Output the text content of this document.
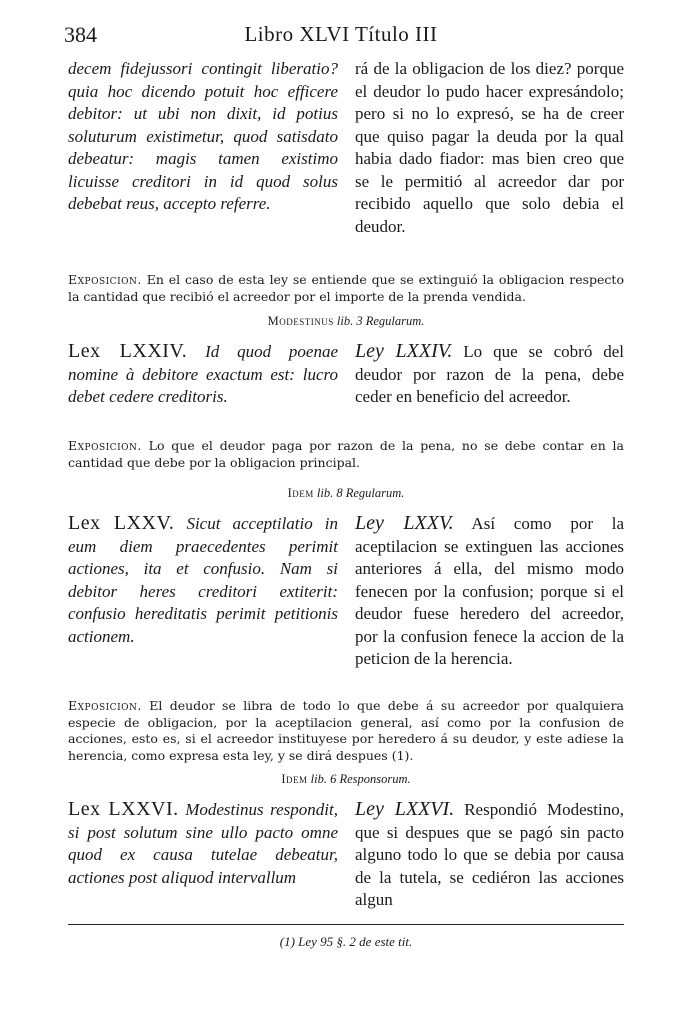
384	Libro XLVI Título III

decem fidejussori contingit liberatio? quia hoc dicendo potuit hoc efficere debitor: ut ubi non dixit, id potius soluturum existimetur, quod satisdato debeatur: magis tamen existimo licuisse creditori in id quod solus debebat reus, accepto referre.

rá de la obligacion de los diez? porque el deudor lo pudo hacer expresándolo; pero si no lo expresó, se ha de creer que quiso pagar la deuda por la qual habia dado fiador: mas bien creo que se le permitió al acreedor dar por recibido aquello que solo debia el deudor.

Exposicion. En el caso de esta ley se entiende que se extinguió la obligacion respecto la cantidad que recibió el acreedor por el importe de la prenda vendida.
Modestinus lib. 3 Regularum.

Lex LXXIV. Id quod poenae nomine à debitore exactum est: lucro debet cedere creditoris.

Ley LXXIV. Lo que se cobró del deudor por razon de la pena, debe ceder en beneficio del acreedor.

Exposicion. Lo que el deudor paga por razon de la pena, no se debe contar en la cantidad que debe por la obligacion principal.
Idem lib. 8 Regularum.

Lex LXXV. Sicut acceptilatio in eum diem praecedentes perimit actiones, ita et confusio. Nam si debitor heres creditori extiterit: confusio hereditatis perimit petitionis actionem.

Ley LXXV. Así como por la aceptilacion se extinguen las acciones anteriores á ella, del mismo modo fenecen por la confusion; porque si el deudor fuese heredero del acreedor, por la confusion fenece la accion de la peticion de la herencia.

Exposicion. El deudor se libra de todo lo que debe á su acreedor por qualquiera especie de obligacion, por la aceptilacion general, así como por la confusion de acciones, esto es, si el acreedor instituyese por heredero á su deudor, y este adiese la herencia, como expresa esta ley, y se dirá despues (1).
Idem lib. 6 Responsorum.

Lex LXXVI. Modestinus respondit, si post solutum sine ullo pacto omne quod ex causa tutelae debeatur, actiones post aliquod intervallum

Ley LXXVI. Respondió Modestino, que si despues que se pagó sin pacto alguno todo lo que se debia por causa de la tutela, se cediéron las acciones algun

(1) Ley 95 §. 2 de este tit.
